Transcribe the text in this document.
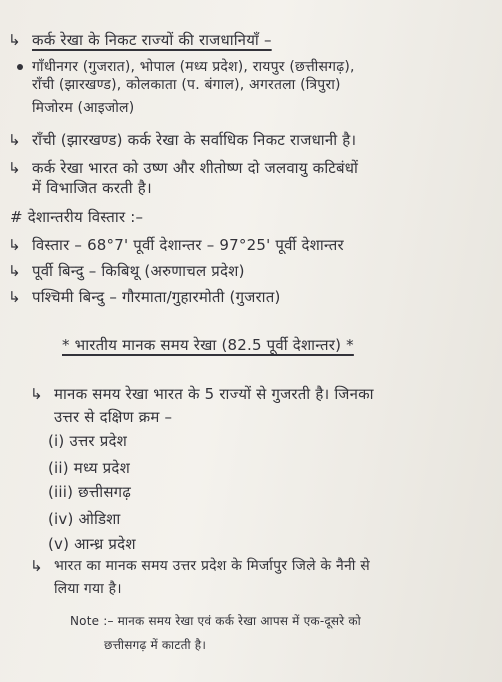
↳ कर्क रेखा के निकट राज्यों की राजधानियाँ –
गाँधीनगर (गुजरात), भोपाल (मध्य प्रदेश), रायपुर (छत्तीसगढ़),
राँची (झारखण्ड), कोलकाता (प. बंगाल), अगरतला (त्रिपुरा)
मिजोरम (आइजोल)
↳ राँची (झारखण्ड) कर्क रेखा के सर्वाधिक निकट राजधानी है।
↳ कर्क रेखा भारत को उष्ण और शीतोष्ण दो जलवायु कटिबंधों
में विभाजित करती है।
# देशान्तरीय विस्तार :–
↳ विस्तार – 68°7' पूर्वी देशान्तर – 97°25' पूर्वी देशान्तर
↳ पूर्वी बिन्दु – किबिथू (अरुणाचल प्रदेश)
↳ पश्चिमी बिन्दु – गौरमाता/गुहारमोती (गुजरात)
* भारतीय मानक समय रेखा (82.5 पूर्वी देशान्तर) *
↳ मानक समय रेखा भारत के 5 राज्यों से गुजरती है। जिनका
उत्तर से दक्षिण क्रम –
(i) उत्तर प्रदेश
(ii) मध्य प्रदेश
(iii) छत्तीसगढ़
(iv) ओडिशा
(v) आन्ध्र प्रदेश
↳ भारत का मानक समय उत्तर प्रदेश के मिर्जापुर जिले के नैनी से
लिया गया है।
Note :– मानक समय रेखा एवं कर्क रेखा आपस में एक-दूसरे को
छत्तीसगढ़ में काटती है।
